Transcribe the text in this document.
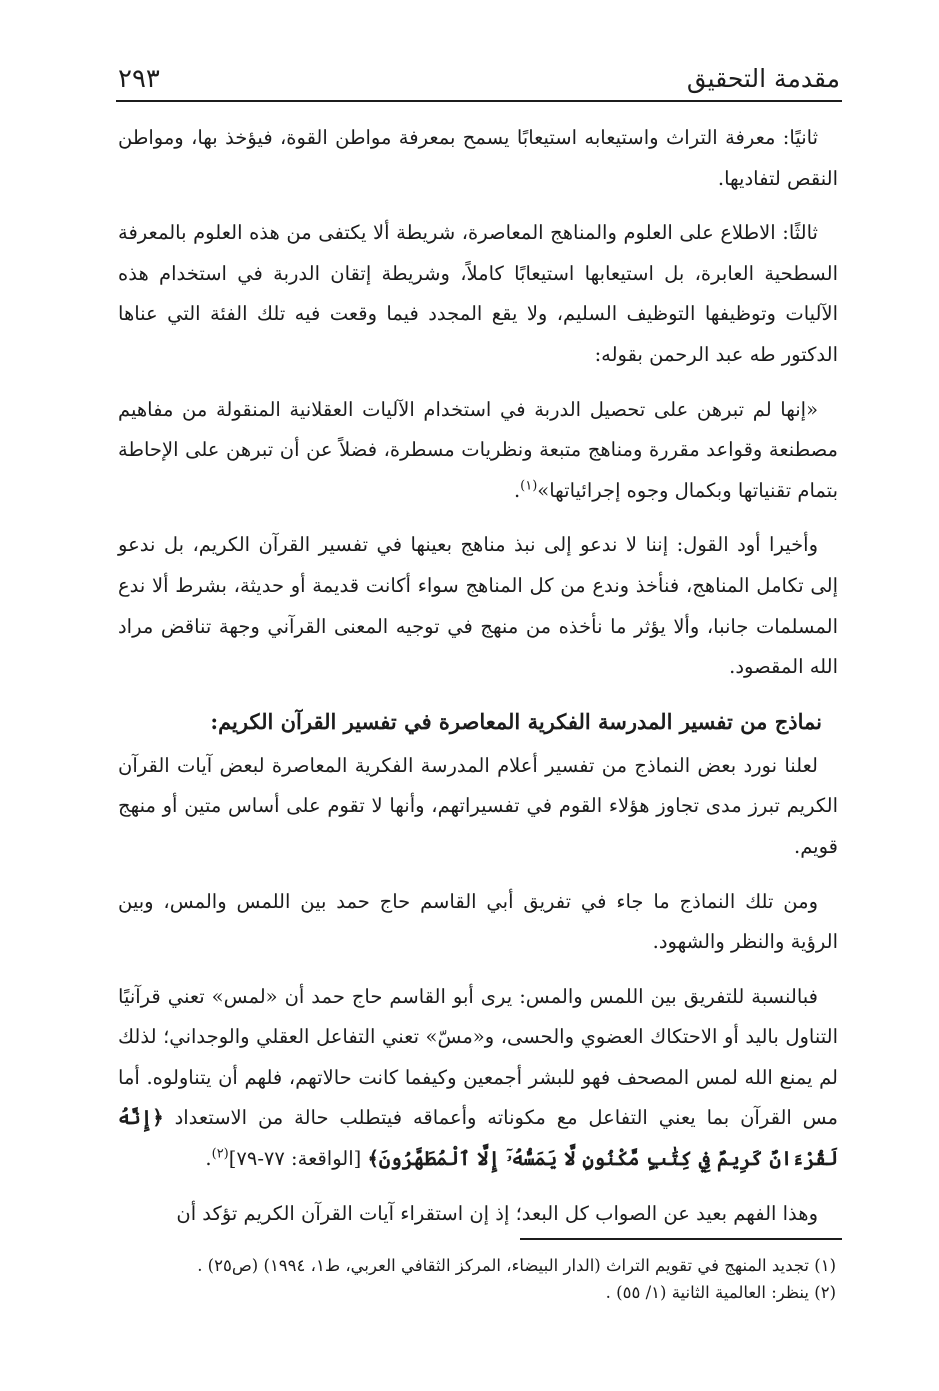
مقدمة التحقيق
٢٩٣

ثانيًا: معرفة التراث واستيعابه استيعابًا يسمح بمعرفة مواطن القوة، فيؤخذ بها، ومواطن النقص لتفاديها.

ثالثًا: الاطلاع على العلوم والمناهج المعاصرة، شريطة ألا يكتفى من هذه العلوم بالمعرفة السطحية العابرة، بل استيعابها استيعابًا كاملاً، وشريطة إتقان الدربة في استخدام هذه الآليات وتوظيفها التوظيف السليم، ولا يقع المجدد فيما وقعت فيه تلك الفئة التي عناها الدكتور طه عبد الرحمن بقوله:

«إنها لم تبرهن على تحصيل الدربة في استخدام الآليات العقلانية المنقولة من مفاهيم مصطنعة وقواعد مقررة ومناهج متبعة ونظريات مسطرة، فضلاً عن أن تبرهن على الإحاطة بتمام تقنياتها وبكمال وجوه إجرائياتها»$^{(١)}$.

وأخيرا أود القول: إننا لا ندعو إلى نبذ مناهج بعينها في تفسير القرآن الكريم، بل ندعو إلى تكامل المناهج، فنأخذ وندع من كل المناهج سواء أكانت قديمة أو حديثة، بشرط ألا ندع المسلمات جانبا، وألا يؤثر ما نأخذه من منهج في توجيه المعنى القرآني وجهة تناقض مراد الله المقصود.

نماذج من تفسير المدرسة الفكرية المعاصرة في تفسير القرآن الكريم:

لعلنا نورد بعض النماذج من تفسير أعلام المدرسة الفكرية المعاصرة لبعض آيات القرآن الكريم تبرز مدى تجاوز هؤلاء القوم في تفسيراتهم، وأنها لا تقوم على أساس متين أو منهج قويم.

ومن تلك النماذج ما جاء في تفريق أبي القاسم حاج حمد بين اللمس والمس، وبين الرؤية والنظر والشهود.

فبالنسبة للتفريق بين اللمس والمس: يرى أبو القاسم حاج حمد أن «لمس» تعني قرآنيًا التناول باليد أو الاحتكاك العضوي والحسى، و«مسّ» تعني التفاعل العقلي والوجداني؛ لذلك لم يمنع الله لمس المصحف فهو للبشر أجمعين وكيفما كانت حالاتهم، فلهم أن يتناولوه. أما مس القرآن بما يعني التفاعل مع مكوناته وأعماقه فيتطلب حالة من الاستعداد ﴿إِنَّهُ لَقُرْءَانٌ كَرِيمٌ فِي كِتَٰبٍ مَّكْنُونٍ لَّا يَمَسُّهُۥٓ إِلَّا ٱلْمُطَهَّرُونَ﴾ [الواقعة: ٧٧-٧٩]$^{(٢)}$.

وهذا الفهم بعيد عن الصواب كل البعد؛ إذ إن استقراء آيات القرآن الكريم تؤكد أن

(١) تجديد المنهج في تقويم التراث (الدار البيضاء، المركز الثقافي العربي، ط١، ١٩٩٤) (ص٢٥) .

(٢) ينظر: العالمية الثانية (١/ ٥٥) .
